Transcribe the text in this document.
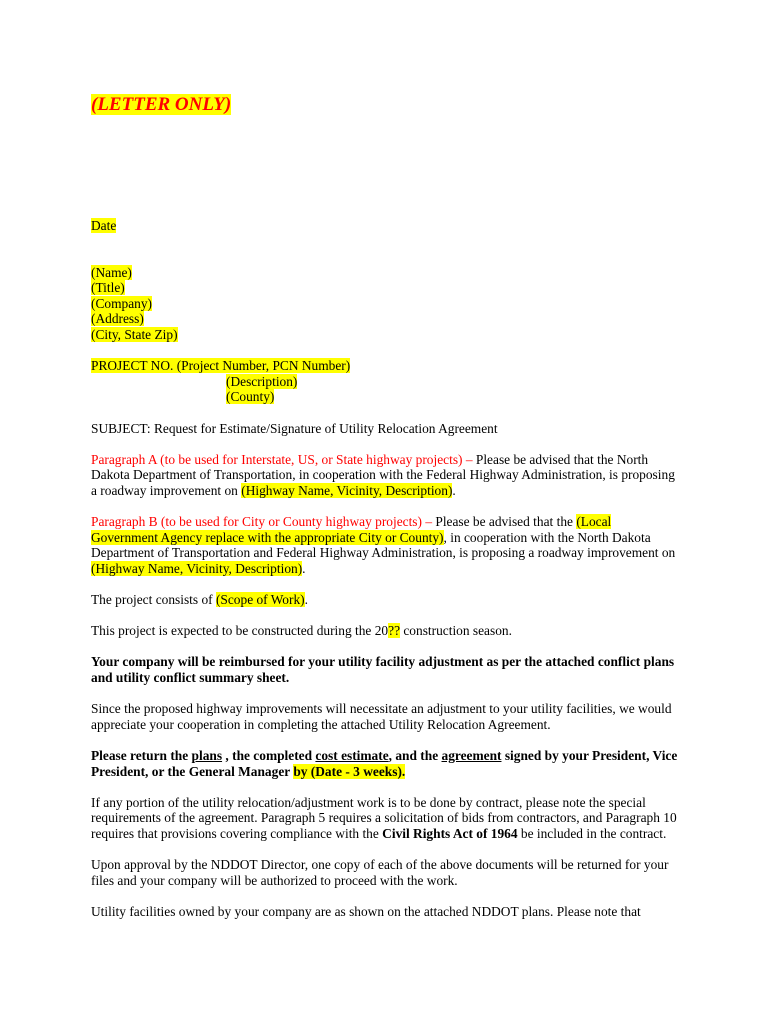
(LETTER ONLY)

Date

(Name)

(Title)

(Company)

(Address)

(City, State Zip)

PROJECT NO. (Project Number, PCN Number)

(Description)

(County)

SUBJECT: Request for Estimate/Signature of Utility Relocation Agreement

Paragraph A (to be used for Interstate, US, or State highway projects) – Please be advised that the North Dakota Department of Transportation, in cooperation with the Federal Highway Administration, is proposing a roadway improvement on (Highway Name, Vicinity, Description).

Paragraph B (to be used for City or County highway projects) – Please be advised that the (Local Government Agency replace with the appropriate City or County), in cooperation with the North Dakota Department of Transportation and Federal Highway Administration, is proposing a roadway improvement on (Highway Name, Vicinity, Description).

The project consists of (Scope of Work).

This project is expected to be constructed during the 20?? construction season.

Your company will be reimbursed for your utility facility adjustment as per the attached conflict plans and utility conflict summary sheet.

Since the proposed highway improvements will necessitate an adjustment to your utility facilities, we would appreciate your cooperation in completing the attached Utility Relocation Agreement.

Please return the plans , the completed cost estimate, and the agreement signed by your President, Vice President, or the General Manager by (Date - 3 weeks).

If any portion of the utility relocation/adjustment work is to be done by contract, please note the special requirements of the agreement. Paragraph 5 requires a solicitation of bids from contractors, and Paragraph 10 requires that provisions covering compliance with the Civil Rights Act of 1964 be included in the contract.

Upon approval by the NDDOT Director, one copy of each of the above documents will be returned for your files and your company will be authorized to proceed with the work.

Utility facilities owned by your company are as shown on the attached NDDOT plans. Please note that
